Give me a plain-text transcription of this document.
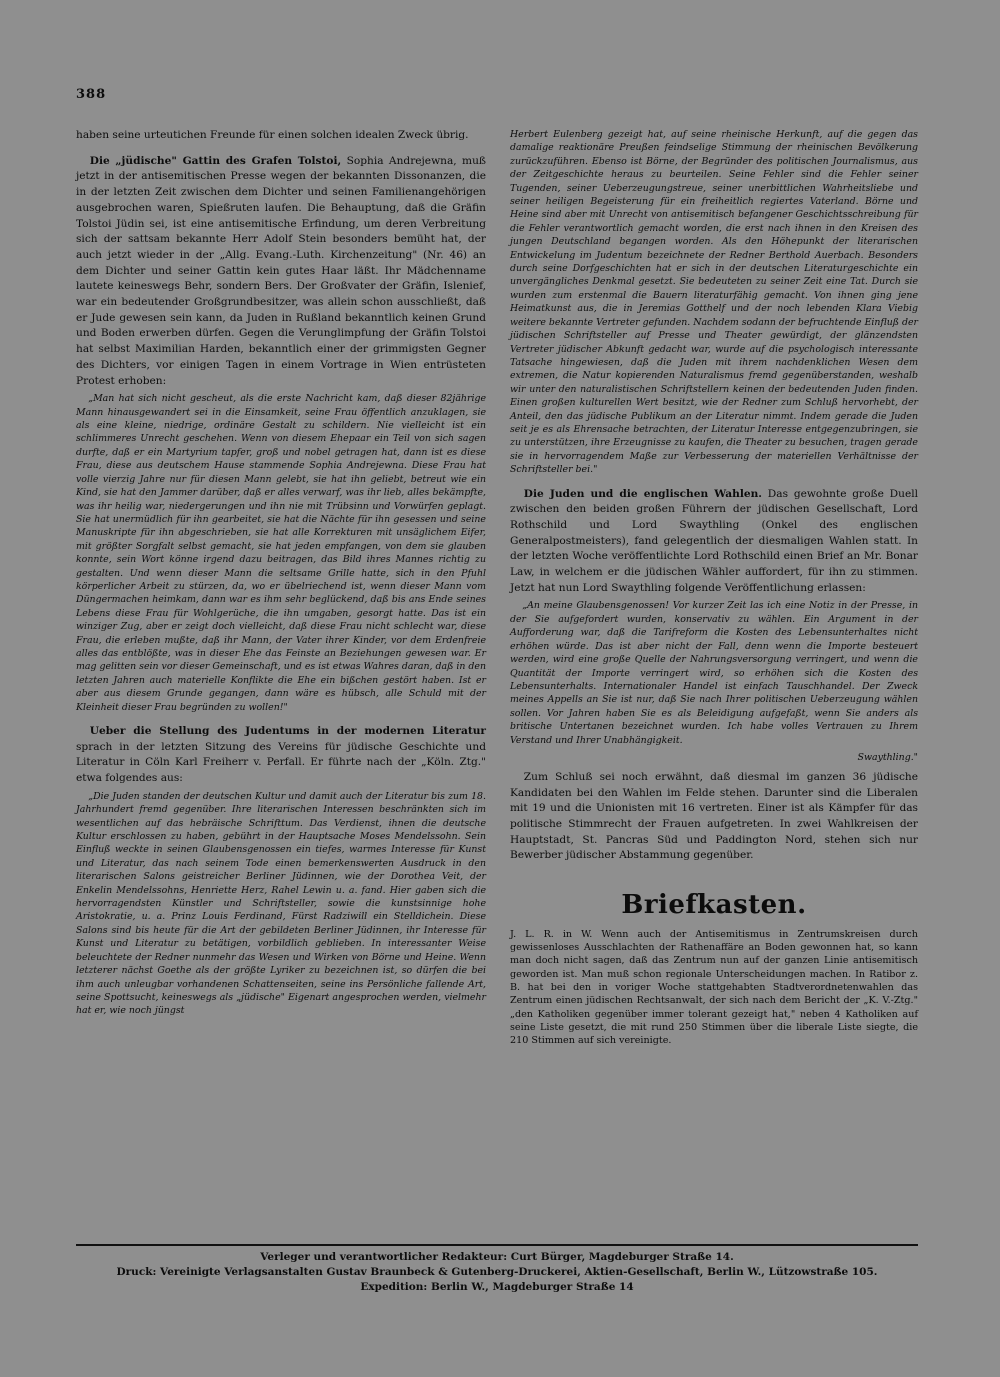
388

haben seine urteutichen Freunde für einen solchen idealen Zweck übrig.

Die „jüdische" Gattin des Grafen Tolstoi, Sophia Andrejewna, muß jetzt in der antisemitischen Presse wegen der bekannten Dissonanzen, die in der letzten Zeit zwischen dem Dichter und seinen Familienangehörigen ausgebrochen waren, Spießruten laufen. Die Behauptung, daß die Gräfin Tolstoi Jüdin sei, ist eine antisemitische Erfindung, um deren Verbreitung sich der sattsam bekannte Herr Adolf Stein besonders bemüht hat, der auch jetzt wieder in der „Allg. Evang.-Luth. Kirchenzeitung" (Nr. 46) an dem Dichter und seiner Gattin kein gutes Haar läßt. Ihr Mädchenname lautete keineswegs Behr, sondern Bers. Der Großvater der Gräfin, Islenief, war ein bedeutender Großgrundbesitzer, was allein schon ausschließt, daß er Jude gewesen sein kann, da Juden in Rußland bekanntlich keinen Grund und Boden erwerben dürfen. Gegen die Verunglimpfung der Gräfin Tolstoi hat selbst Maximilian Harden, bekanntlich einer der grimmigsten Gegner des Dichters, vor einigen Tagen in einem Vortrage in Wien entrüsteten Protest erhoben:

„Man hat sich nicht gescheut, als die erste Nachricht kam, daß dieser 82jährige Mann hinausgewandert sei in die Einsamkeit, seine Frau öffentlich anzuklagen, sie als eine kleine, niedrige, ordinäre Gestalt zu schildern. Nie vielleicht ist ein schlimmeres Unrecht geschehen. Wenn von diesem Ehepaar ein Teil von sich sagen durfte, daß er ein Martyrium tapfer, groß und nobel getragen hat, dann ist es diese Frau, diese aus deutschem Hause stammende Sophia Andrejewna. Diese Frau hat volle vierzig Jahre nur für diesen Mann gelebt, sie hat ihn geliebt, betreut wie ein Kind, sie hat den Jammer darüber, daß er alles verwarf, was ihr lieb, alles bekämpfte, was ihr heilig war, niedergerungen und ihn nie mit Trübsinn und Vorwürfen geplagt. Sie hat unermüdlich für ihn gearbeitet, sie hat die Nächte für ihn gesessen und seine Manuskripte für ihn abgeschrieben, sie hat alle Korrekturen mit unsäglichem Eifer, mit größter Sorgfalt selbst gemacht, sie hat jeden empfangen, von dem sie glauben konnte, sein Wort könne irgend dazu beitragen, das Bild ihres Mannes richtig zu gestalten. Und wenn dieser Mann die seltsame Grille hatte, sich in den Pfuhl körperlicher Arbeit zu stürzen, da, wo er übelriechend ist, wenn dieser Mann vom Düngermachen heimkam, dann war es ihm sehr beglückend, daß bis ans Ende seines Lebens diese Frau für Wohlgerüche, die ihn umgaben, gesorgt hatte. Das ist ein winziger Zug, aber er zeigt doch vielleicht, daß diese Frau nicht schlecht war, diese Frau, die erleben mußte, daß ihr Mann, der Vater ihrer Kinder, vor dem Erdenfreie alles das entblößte, was in dieser Ehe das Feinste an Beziehungen gewesen war. Er mag gelitten sein vor dieser Gemeinschaft, und es ist etwas Wahres daran, daß in den letzten Jahren auch materielle Konflikte die Ehe ein bißchen gestört haben. Ist er aber aus diesem Grunde gegangen, dann wäre es hübsch, alle Schuld mit der Kleinheit dieser Frau begründen zu wollen!"

Ueber die Stellung des Judentums in der modernen Literatur sprach in der letzten Sitzung des Vereins für jüdische Geschichte und Literatur in Cöln Karl Freiherr v. Perfall. Er führte nach der „Köln. Ztg." etwa folgendes aus:

„Die Juden standen der deutschen Kultur und damit auch der Literatur bis zum 18. Jahrhundert fremd gegenüber. Ihre literarischen Interessen beschränkten sich im wesentlichen auf das hebräische Schrifttum. Das Verdienst, ihnen die deutsche Kultur erschlossen zu haben, gebührt in der Hauptsache Moses Mendelssohn. Sein Einfluß weckte in seinen Glaubensgenossen ein tiefes, warmes Interesse für Kunst und Literatur, das nach seinem Tode einen bemerkenswerten Ausdruck in den literarischen Salons geistreicher Berliner Jüdinnen, wie der Dorothea Veit, der Enkelin Mendelssohns, Henriette Herz, Rahel Lewin u. a. fand. Hier gaben sich die hervorragendsten Künstler und Schriftsteller, sowie die kunstsinnige hohe Aristokratie, u. a. Prinz Louis Ferdinand, Fürst Radziwill ein Stelldichein. Diese Salons sind bis heute für die Art der gebildeten Berliner Jüdinnen, ihr Interesse für Kunst und Literatur zu betätigen, vorbildlich geblieben. In interessanter Weise beleuchtete der Redner nunmehr das Wesen und Wirken von Börne und Heine. Wenn letzterer nächst Goethe als der größte Lyriker zu bezeichnen ist, so dürfen die bei ihm auch unleugbar vorhandenen Schattenseiten, seine ins Persönliche fallende Art, seine Spottsucht, keineswegs als „jüdische" Eigenart angesprochen werden, vielmehr hat er, wie noch jüngst

Herbert Eulenberg gezeigt hat, auf seine rheinische Herkunft, auf die gegen das damalige reaktionäre Preußen feindselige Stimmung der rheinischen Bevölkerung zurückzuführen. Ebenso ist Börne, der Begründer des politischen Journalismus, aus der Zeitgeschichte heraus zu beurteilen. Seine Fehler sind die Fehler seiner Tugenden, seiner Ueberzeugungstreue, seiner unerbittlichen Wahrheitsliebe und seiner heiligen Begeisterung für ein freiheitlich regiertes Vaterland. Börne und Heine sind aber mit Unrecht von antisemitisch befangener Geschichtsschreibung für die Fehler verantwortlich gemacht worden, die erst nach ihnen in den Kreisen des jungen Deutschland begangen worden. Als den Höhepunkt der literarischen Entwickelung im Judentum bezeichnete der Redner Berthold Auerbach. Besonders durch seine Dorfgeschichten hat er sich in der deutschen Literaturgeschichte ein unvergängliches Denkmal gesetzt. Sie bedeuteten zu seiner Zeit eine Tat. Durch sie wurden zum erstenmal die Bauern literaturfähig gemacht. Von ihnen ging jene Heimatkunst aus, die in Jeremias Gotthelf und der noch lebenden Klara Viebig weitere bekannte Vertreter gefunden. Nachdem sodann der befruchtende Einfluß der jüdischen Schriftsteller auf Presse und Theater gewürdigt, der glänzendsten Vertreter jüdischer Abkunft gedacht war, wurde auf die psychologisch interessante Tatsache hingewiesen, daß die Juden mit ihrem nachdenklichen Wesen dem extremen, die Natur kopierenden Naturalismus fremd gegenüberstanden, weshalb wir unter den naturalistischen Schriftstellern keinen der bedeutenden Juden finden. Einen großen kulturellen Wert besitzt, wie der Redner zum Schluß hervorhebt, der Anteil, den das jüdische Publikum an der Literatur nimmt. Indem gerade die Juden seit je es als Ehrensache betrachten, der Literatur Interesse entgegenzubringen, sie zu unterstützen, ihre Erzeugnisse zu kaufen, die Theater zu besuchen, tragen gerade sie in hervorragendem Maße zur Verbesserung der materiellen Verhältnisse der Schriftsteller bei."

Die Juden und die englischen Wahlen. Das gewohnte große Duell zwischen den beiden großen Führern der jüdischen Gesellschaft, Lord Rothschild und Lord Swaythling (Onkel des englischen Generalpostmeisters), fand gelegentlich der diesmaligen Wahlen statt. In der letzten Woche veröffentlichte Lord Rothschild einen Brief an Mr. Bonar Law, in welchem er die jüdischen Wähler auffordert, für ihn zu stimmen. Jetzt hat nun Lord Swaythling folgende Veröffentlichung erlassen:

„An meine Glaubensgenossen! Vor kurzer Zeit las ich eine Notiz in der Presse, in der Sie aufgefordert wurden, konservativ zu wählen. Ein Argument in der Aufforderung war, daß die Tarifreform die Kosten des Lebensunterhaltes nicht erhöhen würde. Das ist aber nicht der Fall, denn wenn die Importe besteuert werden, wird eine große Quelle der Nahrungsversorgung verringert, und wenn die Quantität der Importe verringert wird, so erhöhen sich die Kosten des Lebensunterhalts. Internationaler Handel ist einfach Tauschhandel. Der Zweck meines Appells an Sie ist nur, daß Sie nach Ihrer politischen Ueberzeugung wählen sollen. Vor Jahren haben Sie es als Beleidigung aufgefaßt, wenn Sie anders als britische Untertanen bezeichnet wurden. Ich habe volles Vertrauen zu Ihrem Verstand und Ihrer Unabhängigkeit.

Swaythling."

Zum Schluß sei noch erwähnt, daß diesmal im ganzen 36 jüdische Kandidaten bei den Wahlen im Felde stehen. Darunter sind die Liberalen mit 19 und die Unionisten mit 16 vertreten. Einer ist als Kämpfer für das politische Stimmrecht der Frauen aufgetreten. In zwei Wahlkreisen der Hauptstadt, St. Pancras Süd und Paddington Nord, stehen sich nur Bewerber jüdischer Abstammung gegenüber.

Briefkasten.

J. L. R. in W. Wenn auch der Antisemitismus in Zentrumskreisen durch gewissenloses Ausschlachten der Rathenaffäre an Boden gewonnen hat, so kann man doch nicht sagen, daß das Zentrum nun auf der ganzen Linie antisemitisch geworden ist. Man muß schon regionale Unterscheidungen machen. In Ratibor z. B. hat bei den in voriger Woche stattgehabten Stadtverordnetenwahlen das Zentrum einen jüdischen Rechtsanwalt, der sich nach dem Bericht der „K. V.-Ztg." „den Katholiken gegenüber immer tolerant gezeigt hat," neben 4 Katholiken auf seine Liste gesetzt, die mit rund 250 Stimmen über die liberale Liste siegte, die 210 Stimmen auf sich vereinigte.

Verleger und verantwortlicher Redakteur: Curt Bürger, Magdeburger Straße 14.
Druck: Vereinigte Verlagsanstalten Gustav Braunbeck & Gutenberg-Druckerei, Aktien-Gesellschaft, Berlin W., Lützowstraße 105.
Expedition: Berlin W., Magdeburger Straße 14
